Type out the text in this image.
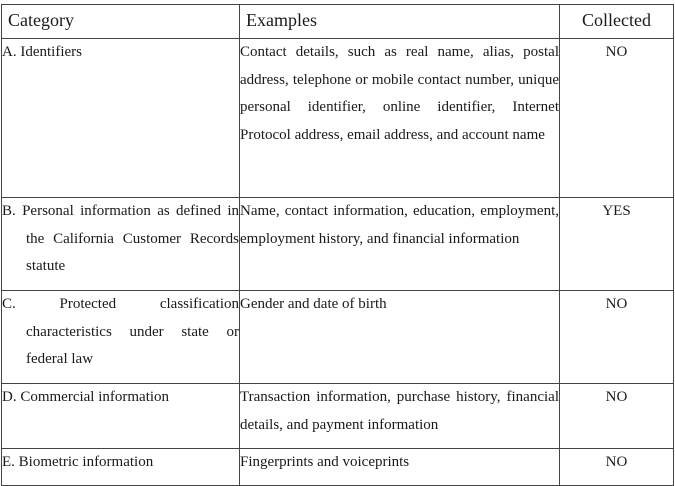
Category	Examples	Collected

A. Identifiers	Contact details, such as real name, alias, postal address, telephone or mobile contact number, unique personal identifier, online identifier, Internet Protocol address, email address, and account name	NO

B. Personal information as defined in the California Customer Records statute	Name, contact information, education, employment, employment history, and financial information	YES

C. Protected classification characteristics under state or federal law	Gender and date of birth	NO

D. Commercial information	Transaction information, purchase history, financial details, and payment information	NO

E. Biometric information	Fingerprints and voiceprints	NO
